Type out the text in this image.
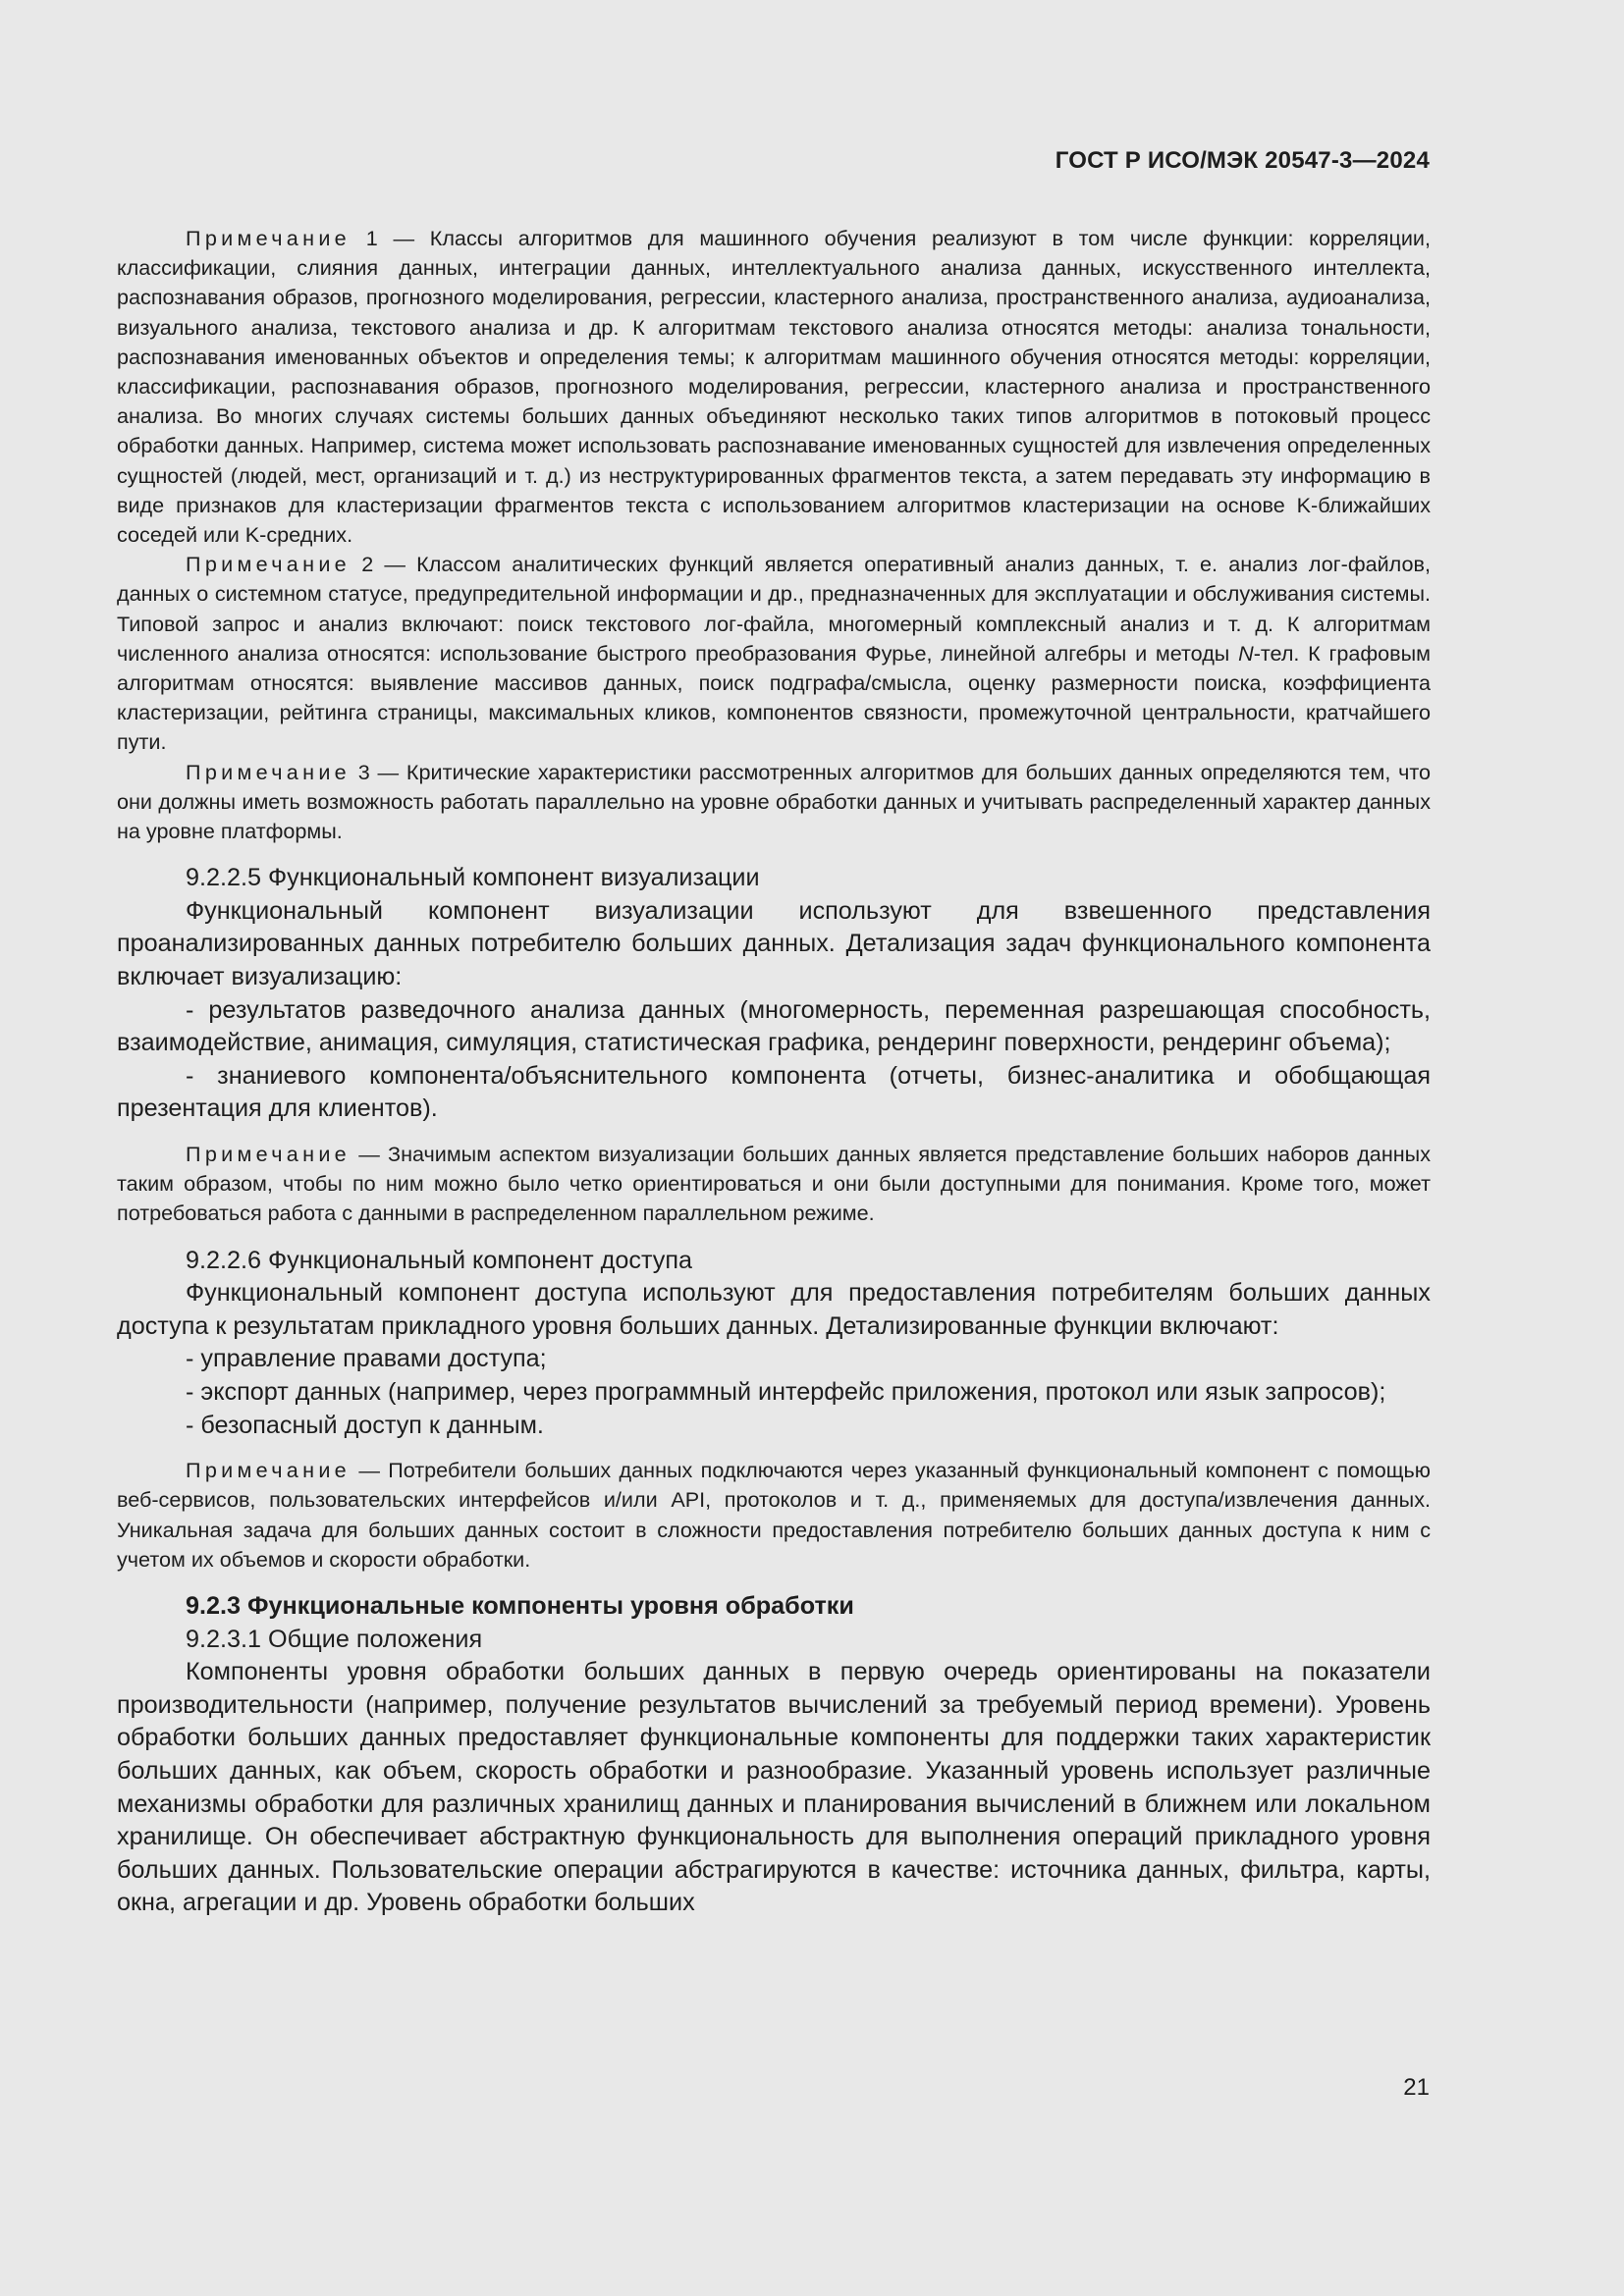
ГОСТ Р ИСО/МЭК 20547-3—2024

Примечание 1 — Классы алгоритмов для машинного обучения реализуют в том числе функции: корреляции, классификации, слияния данных, интеграции данных, интеллектуального анализа данных, искусственного интеллекта, распознавания образов, прогнозного моделирования, регрессии, кластерного анализа, пространственного анализа, аудиоанализа, визуального анализа, текстового анализа и др. К алгоритмам текстового анализа относятся методы: анализа тональности, распознавания именованных объектов и определения темы; к алгоритмам машинного обучения относятся методы: корреляции, классификации, распознавания образов, прогнозного моделирования, регрессии, кластерного анализа и пространственного анализа. Во многих случаях системы больших данных объединяют несколько таких типов алгоритмов в потоковый процесс обработки данных. Например, система может использовать распознавание именованных сущностей для извлечения определенных сущностей (людей, мест, организаций и т. д.) из неструктурированных фрагментов текста, а затем передавать эту информацию в виде признаков для кластеризации фрагментов текста с использованием алгоритмов кластеризации на основе K-ближайших соседей или K-средних.

Примечание 2 — Классом аналитических функций является оперативный анализ данных, т. е. анализ лог-файлов, данных о системном статусе, предупредительной информации и др., предназначенных для эксплуатации и обслуживания системы. Типовой запрос и анализ включают: поиск текстового лог-файла, многомерный комплексный анализ и т. д. К алгоритмам численного анализа относятся: использование быстрого преобразования Фурье, линейной алгебры и методы N-тел. К графовым алгоритмам относятся: выявление массивов данных, поиск подграфа/смысла, оценку размерности поиска, коэффициента кластеризации, рейтинга страницы, максимальных кликов, компонентов связности, промежуточной центральности, кратчайшего пути.

Примечание 3 — Критические характеристики рассмотренных алгоритмов для больших данных определяются тем, что они должны иметь возможность работать параллельно на уровне обработки данных и учитывать распределенный характер данных на уровне платформы.

9.2.2.5 Функциональный компонент визуализации

Функциональный компонент визуализации используют для взвешенного представления проанализированных данных потребителю больших данных. Детализация задач функционального компонента включает визуализацию:

- результатов разведочного анализа данных (многомерность, переменная разрешающая способность, взаимодействие, анимация, симуляция, статистическая графика, рендеринг поверхности, рендеринг объема);

- знаниевого компонента/объяснительного компонента (отчеты, бизнес-аналитика и обобщающая презентация для клиентов).

Примечание — Значимым аспектом визуализации больших данных является представление больших наборов данных таким образом, чтобы по ним можно было четко ориентироваться и они были доступными для понимания. Кроме того, может потребоваться работа с данными в распределенном параллельном режиме.

9.2.2.6 Функциональный компонент доступа

Функциональный компонент доступа используют для предоставления потребителям больших данных доступа к результатам прикладного уровня больших данных. Детализированные функции включают:

- управление правами доступа;

- экспорт данных (например, через программный интерфейс приложения, протокол или язык запросов);

- безопасный доступ к данным.

Примечание — Потребители больших данных подключаются через указанный функциональный компонент с помощью веб-сервисов, пользовательских интерфейсов и/или API, протоколов и т. д., применяемых для доступа/извлечения данных. Уникальная задача для больших данных состоит в сложности предоставления потребителю больших данных доступа к ним с учетом их объемов и скорости обработки.

9.2.3 Функциональные компоненты уровня обработки

9.2.3.1 Общие положения

Компоненты уровня обработки больших данных в первую очередь ориентированы на показатели производительности (например, получение результатов вычислений за требуемый период времени). Уровень обработки больших данных предоставляет функциональные компоненты для поддержки таких характеристик больших данных, как объем, скорость обработки и разнообразие. Указанный уровень использует различные механизмы обработки для различных хранилищ данных и планирования вычислений в ближнем или локальном хранилище. Он обеспечивает абстрактную функциональность для выполнения операций прикладного уровня больших данных. Пользовательские операции абстрагируются в качестве: источника данных, фильтра, карты, окна, агрегации и др. Уровень обработки больших

21
